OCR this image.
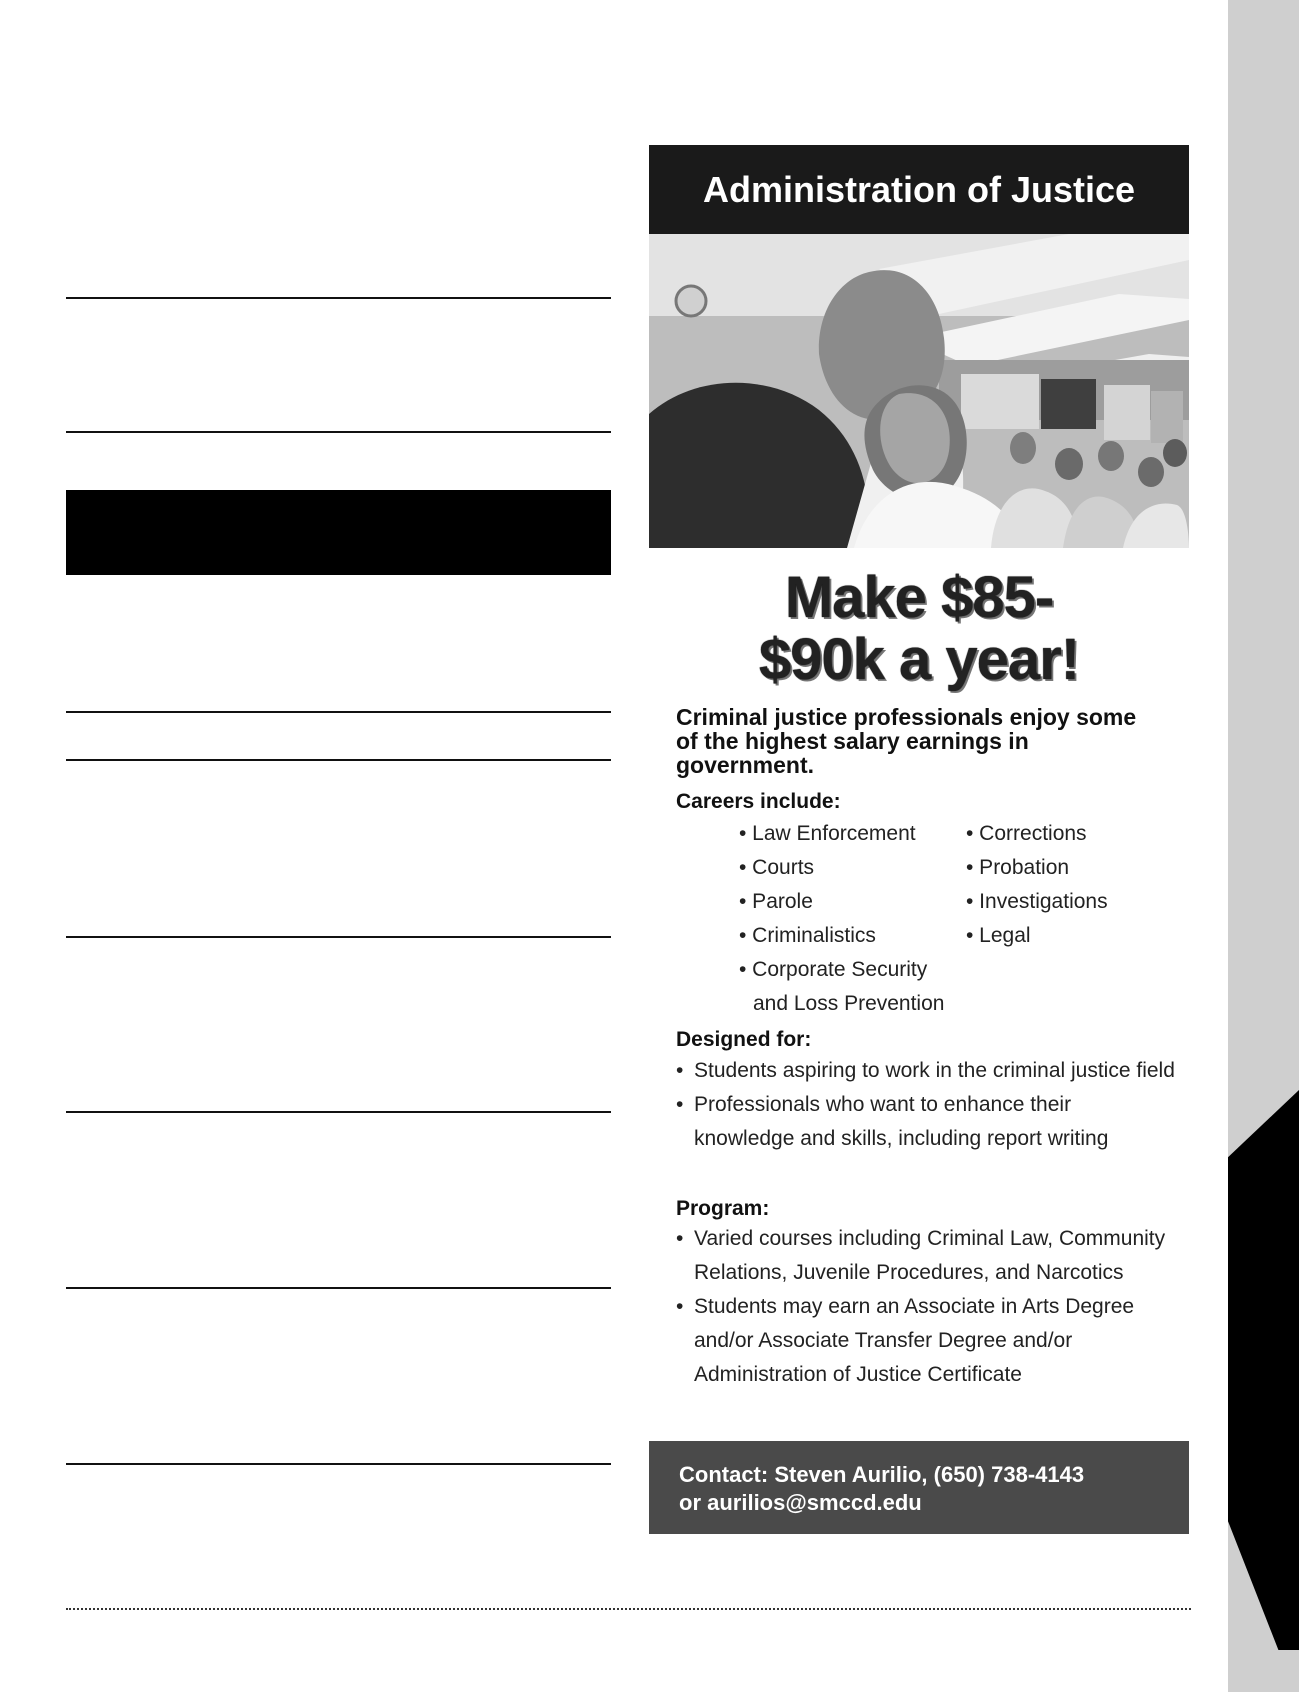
Administration of Justice
Make $85-
$90k a year!
Criminal justice professionals enjoy some of the highest salary earnings in government.
Careers include:
• Law Enforcement
• Courts
• Parole
• Criminalistics
• Corporate Security
and Loss Prevention
• Corrections
• Probation
• Investigations
• Legal
Designed for:
• Students aspiring to work in the criminal justice field
• Professionals who want to enhance their knowledge and skills, including report writing
Program:
• Varied courses including Criminal Law, Community Relations, Juvenile Procedures, and Narcotics
• Students may earn an Associate in Arts Degree and/or Associate Transfer Degree and/or Administration of Justice Certificate
Contact: Steven Aurilio, (650) 738-4143
or aurilios@smccd.edu
